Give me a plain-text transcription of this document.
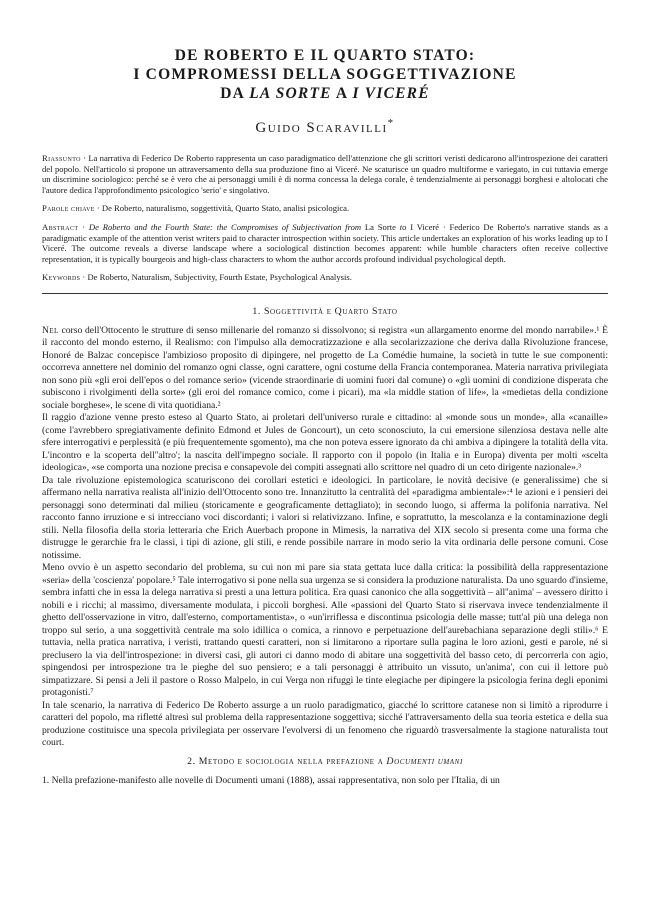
DE ROBERTO E IL QUARTO STATO:
I COMPROMESSI DELLA SOGGETTIVAZIONE
DA LA SORTE A I VICERÉ
Guido Scaravilli*

Riassunto · La narrativa di Federico De Roberto rappresenta un caso paradigmatico dell'attenzione che gli scrittori veristi dedicarono all'introspezione dei caratteri del popolo. Nell'articolo si propone un attraversamento della sua produzione fino ai Viceré. Ne scaturisce un quadro multiforme e variegato, in cui tuttavia emerge un discrimine sociologico: perché se è vero che ai personaggi umili è di norma concessa la delega corale, è tendenzialmente ai personaggi borghesi e altolocati che l'autore dedica l'approfondimento psicologico 'serio' e singolativo.

Parole chiave · De Roberto, naturalismo, soggettività, Quarto Stato, analisi psicologica.

Abstract · De Roberto and the Fourth State: the Compromises of Subjectivation from La Sorte to I Viceré · Federico De Roberto's narrative stands as a paradigmatic example of the attention verist writers paid to character introspection within society. This article undertakes an exploration of his works leading up to I Viceré. The outcome reveals a diverse landscape where a sociological distinction becomes apparent: while humble characters often receive collective representation, it is typically bourgeois and high-class characters to whom the author accords profound individual psychological depth.

Keywords · De Roberto, Naturalism, Subjectivity, Fourth Estate, Psychological Analysis.

1. Soggettività e Quarto Stato

Nel corso dell'Ottocento le strutture di senso millenarie del romanzo si dissolvono; si registra «un allargamento enorme del mondo narrabile».¹ È il racconto del mondo esterno, il Realismo: con l'impulso alla democratizzazione e alla secolarizzazione che deriva dalla Rivoluzione francese, Honoré de Balzac concepisce l'ambizioso proposito di dipingere, nel progetto de La Comédie humaine, la società in tutte le sue componenti: occorreva annettere nel dominio del romanzo ogni classe, ogni carattere, ogni costume della Francia contemporanea. Materia narrativa privilegiata non sono più «gli eroi dell'epos o del romance serio» (vicende straordinarie di uomini fuori dal comune) o «gli uomini di condizione disperata che subiscono i rivolgimenti della sorte» (gli eroi del romance comico, come i picari), ma «la middle station of life», la «medietas della condizione sociale borghese», le scene di vita quotidiana.²

Il raggio d'azione venne presto esteso al Quarto Stato, ai proletari dell'universo rurale e cittadino: al «monde sous un monde», alla «canaille» (come l'avrebbero spregiativamente definito Edmond et Jules de Goncourt), un ceto sconosciuto, la cui emersione silenziosa destava nelle alte sfere interrogativi e perplessità (e più frequentemente sgomento), ma che non poteva essere ignorato da chi ambiva a dipingere la totalità della vita. L'incontro e la scoperta dell''altro'; la nascita dell'impegno sociale. Il rapporto con il popolo (in Italia e in Europa) diventa per molti «scelta ideologica», «se comporta una nozione precisa e consapevole dei compiti assegnati allo scrittore nel quadro di un ceto dirigente nazionale».³

Da tale rivoluzione epistemologica scaturiscono dei corollari estetici e ideologici. In particolare, le novità decisive (e generalissime) che si affermano nella narrativa realista all'inizio dell'Ottocento sono tre. Innanzitutto la centralità del «paradigma ambientale»:⁴ le azioni e i pensieri dei personaggi sono determinati dal milieu (storicamente e geograficamente dettagliato); in secondo luogo, si afferma la polifonia narrativa. Nel racconto fanno irruzione e si intrecciano voci discordanti; i valori si relativizzano. Infine, e soprattutto, la mescolanza e la contaminazione degli stili. Nella filosofia della storia letteraria che Erich Auerbach propone in Mimesis, la narrativa del XIX secolo si presenta come una forma che distrugge le gerarchie fra le classi, i tipi di azione, gli stili, e rende possibile narrare in modo serio la vita ordinaria delle persone comuni. Cose notissime.

Meno ovvio è un aspetto secondario del problema, su cui non mi pare sia stata gettata luce dalla critica: la possibilità della rappresentazione «seria» della 'coscienza' popolare.⁵ Tale interrogativo si pone nella sua urgenza se si considera la produzione naturalista. Da uno sguardo d'insieme, sembra infatti che in essa la delega narrativa si presti a una lettura politica. Era quasi canonico che alla soggettività – all''anima' – avessero diritto i nobili e i ricchi; al massimo, diversamente modulata, i piccoli borghesi. Alle «passioni del Quarto Stato si riservava invece tendenzialmente il ghetto dell'osservazione in vitro, dall'esterno, comportamentista», o «un'irriflessa e discontinua psicologia delle masse; tutt'al più una delega non troppo sul serio, a una soggettività centrale ma solo idillica o comica, a rinnovo e perpetuazione dell'aurebachiana separazione degli stili».⁶ E tuttavia, nella pratica narrativa, i veristi, trattando questi caratteri, non si limitarono a riportare sulla pagina le loro azioni, gesti e parole, né si preclusero la via dell'introspezione: in diversi casi, gli autori ci danno modo di abitare una soggettività del basso ceto, di percorrerla con agio, spingendosi per introspezione tra le pieghe del suo pensiero; e a tali personaggi è attribuito un vissuto, un'anima', con cui il lettore può simpatizzare. Si pensi a Jeli il pastore o Rosso Malpelo, in cui Verga non rifuggì le tinte elegiache per dipingere la psicologia ferina degli eponimi protagonisti.⁷

In tale scenario, la narrativa di Federico De Roberto assurge a un ruolo paradigmatico, giacché lo scrittore catanese non si limitò a riprodurre i caratteri del popolo, ma rifletté altresì sul problema della rappresentazione soggettiva; sicché l'attraversamento della sua teoria estetica e della sua produzione costituisce una specola privilegiata per osservare l'evolversi di un fenomeno che riguardò trasversalmente la stagione naturalista tout court.

2. Metodo e sociologia nella prefazione a Documenti umani

1. Nella prefazione-manifesto alle novelle di Documenti umani (1888), assai rappresentativa, non solo per l'Italia, di un
